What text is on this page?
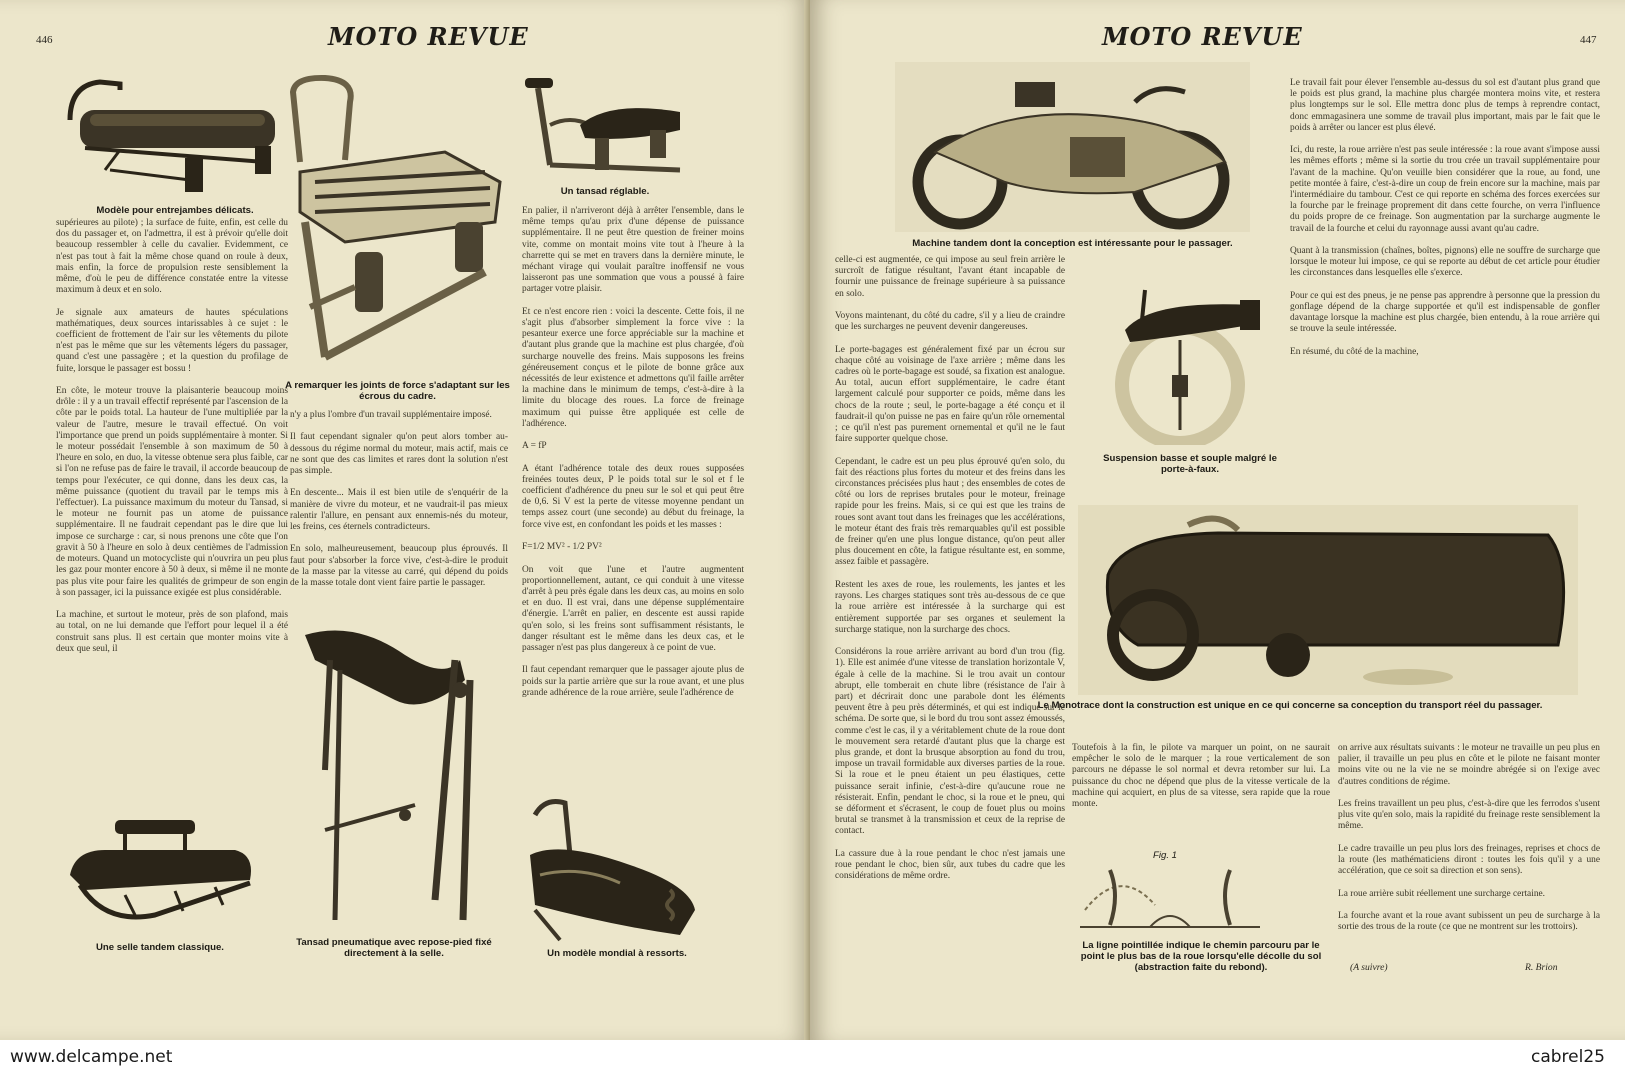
446	MOTO REVUE
Modèle pour entrejambes délicats.
A remarquer les joints de force s'adaptant sur les écrous du cadre.
Un tansad réglable.
supérieures au pilote) ; la surface de fuite, enfin, est celle du dos du passager et, on l'admettra, il est à prévoir qu'elle doit beaucoup ressembler à celle du cavalier. Evidemment, ce n'est pas tout à fait la même chose quand on roule à deux, mais enfin, la force de propulsion reste sensiblement la même, d'où le peu de différence constatée entre la vitesse maximum à deux et en solo.

Je signale aux amateurs de hautes spéculations mathématiques, deux sources intarissables à ce sujet : le coefficient de frottement de l'air sur les vêtements du pilote n'est pas le même que sur les vêtements légers du passager, quand c'est une passagère ; et la question du profilage de fuite, lorsque le passager est bossu !

En côte, le moteur trouve la plaisanterie beaucoup moins drôle : il y a un travail effectif représenté par l'ascension de la côte par le poids total. La hauteur de l'une multipliée par la valeur de l'autre, mesure le travail effectué. On voit l'importance que prend un poids supplémentaire à monter. Si le moteur possédait l'ensemble à son maximum de 50 à l'heure en solo, en duo, la vitesse obtenue sera plus faible, car si l'on ne refuse pas de faire le travail, il accorde beaucoup de temps pour l'exécuter, ce qui donne, dans les deux cas, la même puissance (quotient du travail par le temps mis à l'effectuer). La puissance maximum du moteur du Tansad, si le moteur ne fournit pas un atome de puissance supplémentaire. Il ne faudrait cependant pas le dire que lui impose ce surcharge : car, si nous prenons une côte que l'on gravit à 50 à l'heure en solo à deux centièmes de l'admission de moteurs. Quand un motocycliste qui n'ouvrira un peu plus les gaz pour monter encore à 50 à deux, si même il ne monte pas plus vite pour faire les qualités de grimpeur de son engin à son passager, ici la puissance exigée est plus considérable.

La machine, et surtout le moteur, près de son plafond, mais au total, on ne lui demande que l'effort pour lequel il a été construit sans plus. Il est certain que monter moins vite à deux que seul, il
n'y a plus l'ombre d'un travail supplémentaire imposé.

Il faut cependant signaler qu'on peut alors tomber au-dessous du régime normal du moteur, mais actif, mais ce ne sont que des cas limites et rares dont la solution n'est pas simple.

En descente... Mais il est bien utile de s'enquérir de la manière de vivre du moteur, et ne vaudrait-il pas mieux ralentir l'allure, en pensant aux ennemis-nés du moteur, les freins, ces éternels contradicteurs.

En solo, malheureusement, beaucoup plus éprouvés. Il faut pour s'absorber la force vive, c'est-à-dire le produit de la masse par la vitesse au carré, qui dépend du poids de la masse totale dont vient faire partie le passager.
En palier, il n'arriveront déjà à arrêter l'ensemble, dans le même temps qu'au prix d'une dépense de puissance supplémentaire. Il ne peut être question de freiner moins vite, comme on montait moins vite tout à l'heure à la charrette qui se met en travers dans la dernière minute, le méchant virage qui voulait paraître inoffensif ne vous laisseront pas une sommation que vous a poussé à faire partager votre plaisir.

Et ce n'est encore rien : voici la descente. Cette fois, il ne s'agit plus d'absorber simplement la force vive : la pesanteur exerce une force appréciable sur la machine et d'autant plus grande que la machine est plus chargée, d'où surcharge nouvelle des freins. Mais supposons les freins généreusement conçus et le pilote de bonne grâce aux nécessités de leur existence et admettons qu'il faille arrêter la machine dans le minimum de temps, c'est-à-dire à la limite du blocage des roues. La force de freinage maximum qui puisse être appliquée est celle de l'adhérence.

A = fP

A étant l'adhérence totale des deux roues supposées freinées toutes deux, P le poids total sur le sol et f le coefficient d'adhérence du pneu sur le sol et qui peut être de 0,6. Si V est la perte de vitesse moyenne pendant un temps assez court (une seconde) au début du freinage, la force vive est, en confondant les poids et les masses :

F=1/2 MV² - 1/2 PV²

On voit que l'une et l'autre augmentent proportionnellement, autant, ce qui conduit à une vitesse d'arrêt à peu près égale dans les deux cas, au moins en solo et en duo. Il est vrai, dans une dépense supplémentaire d'énergie. L'arrêt en palier, en descente est aussi rapide qu'en solo, si les freins sont suffisamment résistants, le danger résultant est le même dans les deux cas, et le passager n'est pas plus dangereux à ce point de vue.

Il faut cependant remarquer que le passager ajoute plus de poids sur la partie arrière que sur la roue avant, et une plus grande adhérence de la roue arrière, seule l'adhérence de
Une selle tandem classique.	Tansad pneumatique avec repose-pied fixé directement à la selle.	Un modèle mondial à ressorts.
MOTO REVUE	447
Machine tandem dont la conception est intéressante pour le passager.
Suspension basse et souple malgré le porte-à-faux.
Le Monotrace dont la construction est unique en ce qui concerne sa conception du transport réel du passager.
celle-ci est augmentée, ce qui impose au seul frein arrière le surcroît de fatigue résultant, l'avant étant incapable de fournir une puissance de freinage supérieure à sa puissance en solo.

Voyons maintenant, du côté du cadre, s'il y a lieu de craindre que les surcharges ne peuvent devenir dangereuses.

Le porte-bagages est généralement fixé par un écrou sur chaque côté au voisinage de l'axe arrière ; même dans les cadres où le porte-bagage est soudé, sa fixation est analogue. Au total, aucun effort supplémentaire, le cadre étant largement calculé pour supporter ce poids, même dans les chocs de la route ; seul, le porte-bagage a été conçu et il faudrait-il qu'on puisse ne pas en faire qu'un rôle ornemental ; ce qu'il n'est pas purement ornemental et qu'il ne le faut faire supporter quelque chose.

Cependant, le cadre est un peu plus éprouvé qu'en solo, du fait des réactions plus fortes du moteur et des freins dans les circonstances précisées plus haut ; des ensembles de cotes de côté ou lors de reprises brutales pour le moteur, freinage rapide pour les freins. Mais, si ce qui est que les trains de roues sont avant tout dans les freinages que les accélérations, le moteur étant des frais très remarquables qu'il est possible de freiner qu'en une plus longue distance, qu'on peut aller plus doucement en côte, la fatigue résultante est, en somme, assez faible et passagère.

Restent les axes de roue, les roulements, les jantes et les rayons. Les charges statiques sont très au-dessous de ce que la roue arrière est intéressée à la surcharge qui est entièrement supportée par ses organes et seulement la surcharge statique, non la surcharge des chocs.

Considérons la roue arrière arrivant au bord d'un trou (fig. 1). Elle est animée d'une vitesse de translation horizontale V, égale à celle de la machine. Si le trou avait un contour abrupt, elle tomberait en chute libre (résistance de l'air à part) et décrirait donc une parabole dont les éléments peuvent être à peu près déterminés, et qui est indiqué sur le schéma. De sorte que, si le bord du trou sont assez émoussés, comme c'est le cas, il y a véritablement chute de la roue dont le mouvement sera retardé d'autant plus que la charge est plus grande, et dont la brusque absorption au fond du trou, impose un travail formidable aux diverses parties de la roue. Si la roue et le pneu étaient un peu élastiques, cette puissance serait infinie, c'est-à-dire qu'aucune roue ne résisterait. Enfin, pendant le choc, si la roue et le pneu, qui se déforment et s'écrasent, le coup de fouet plus ou moins brutal se transmet à la transmission et ceux de la reprise de contact.

La cassure due à la roue pendant le choc n'est jamais une roue pendant le choc, bien sûr, aux tubes du cadre que les considérations de même ordre.
Le travail fait pour élever l'ensemble au-dessus du sol est d'autant plus grand que le poids est plus grand, la machine plus chargée montera moins vite, et restera plus longtemps sur le sol. Elle mettra donc plus de temps à reprendre contact, donc emmagasinera une somme de travail plus important, mais par le fait que le poids à arrêter ou lancer est plus élevé.

Ici, du reste, la roue arrière n'est pas seule intéressée : la roue avant s'impose aussi les mêmes efforts ; même si la sortie du trou crée un travail supplémentaire pour l'avant de la machine. Qu'on veuille bien considérer que la roue, au fond, une petite montée à faire, c'est-à-dire un coup de frein encore sur la machine, mais par l'intermédiaire du tambour. C'est ce qui reporte en schéma des forces exercées sur la fourche par le freinage proprement dit dans cette fourche, on verra l'influence du poids propre de ce freinage. Son augmentation par la surcharge augmente le travail de la fourche et celui du rayonnage aussi avant qu'au cadre.

Quant à la transmission (chaînes, boîtes, pignons) elle ne souffre de surcharge que lorsque le moteur lui impose, ce qui se reporte au début de cet article pour étudier les circonstances dans lesquelles elle s'exerce.

Pour ce qui est des pneus, je ne pense pas apprendre à personne que la pression du gonflage dépend de la charge supportée et qu'il est indispensable de gonfler davantage lorsque la machine est plus chargée, bien entendu, à la roue arrière qui se trouve la seule intéressée.

En résumé, du côté de la machine,
Toutefois à la fin, le pilote va marquer un point, on ne saurait empêcher le solo de le marquer ; la roue verticalement de son parcours ne dépasse le sol normal et devra retomber sur lui. La puissance du choc ne dépend que plus de la vitesse verticale de la machine qui acquiert, en plus de sa vitesse, sera rapide que la roue monte.
on arrive aux résultats suivants : le moteur ne travaille un peu plus en palier, il travaille un peu plus en côte et le pilote ne faisant monter moins vite ou ne la vie ne se moindre abrégée si on l'exige avec d'autres conditions de régime.

Les freins travaillent un peu plus, c'est-à-dire que les ferrodos s'usent plus vite qu'en solo, mais la rapidité du freinage reste sensiblement la même.

Le cadre travaille un peu plus lors des freinages, reprises et chocs de la route (les mathématiciens diront : toutes les fois qu'il y a une accélération, que ce soit sa direction et son sens).

La roue arrière subit réellement une surcharge certaine.

La fourche avant et la roue avant subissent un peu de surcharge à la sortie des trous de la route (ce que ne montrent sur les trottoirs).
Fig. 1
La ligne pointillée indique le chemin parcouru par le point le plus bas de la roue lorsqu'elle décolle du sol (abstraction faite du rebond).	(A suivre)	R. Brion
www.delcampe.net	cabrel25
